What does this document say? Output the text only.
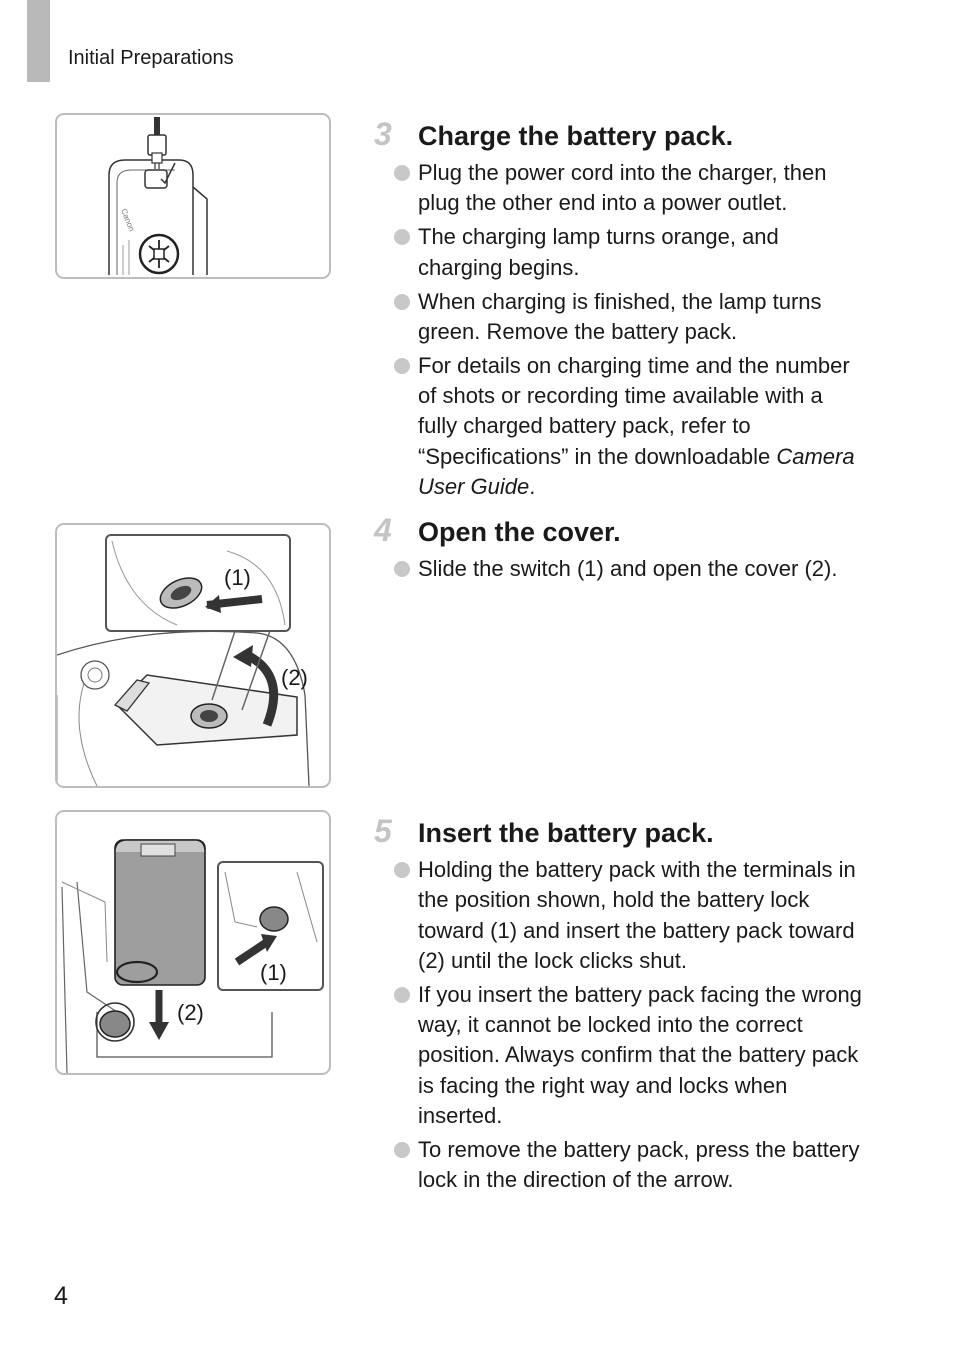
Initial Preparations
Canon
(1)
(2)
(1)
(2)
3 Charge the battery pack.
Plug the power cord into the charger, then plug the other end into a power outlet.
The charging lamp turns orange, and charging begins.
When charging is finished, the lamp turns green. Remove the battery pack.
For details on charging time and the number of shots or recording time available with a fully charged battery pack, refer to “Specifications” in the downloadable Camera User Guide.
4 Open the cover.
Slide the switch (1) and open the cover (2).
5 Insert the battery pack.
Holding the battery pack with the terminals in the position shown, hold the battery lock toward (1) and insert the battery pack toward (2) until the lock clicks shut.
If you insert the battery pack facing the wrong way, it cannot be locked into the correct position. Always confirm that the battery pack is facing the right way and locks when inserted.
To remove the battery pack, press the battery lock in the direction of the arrow.
4
